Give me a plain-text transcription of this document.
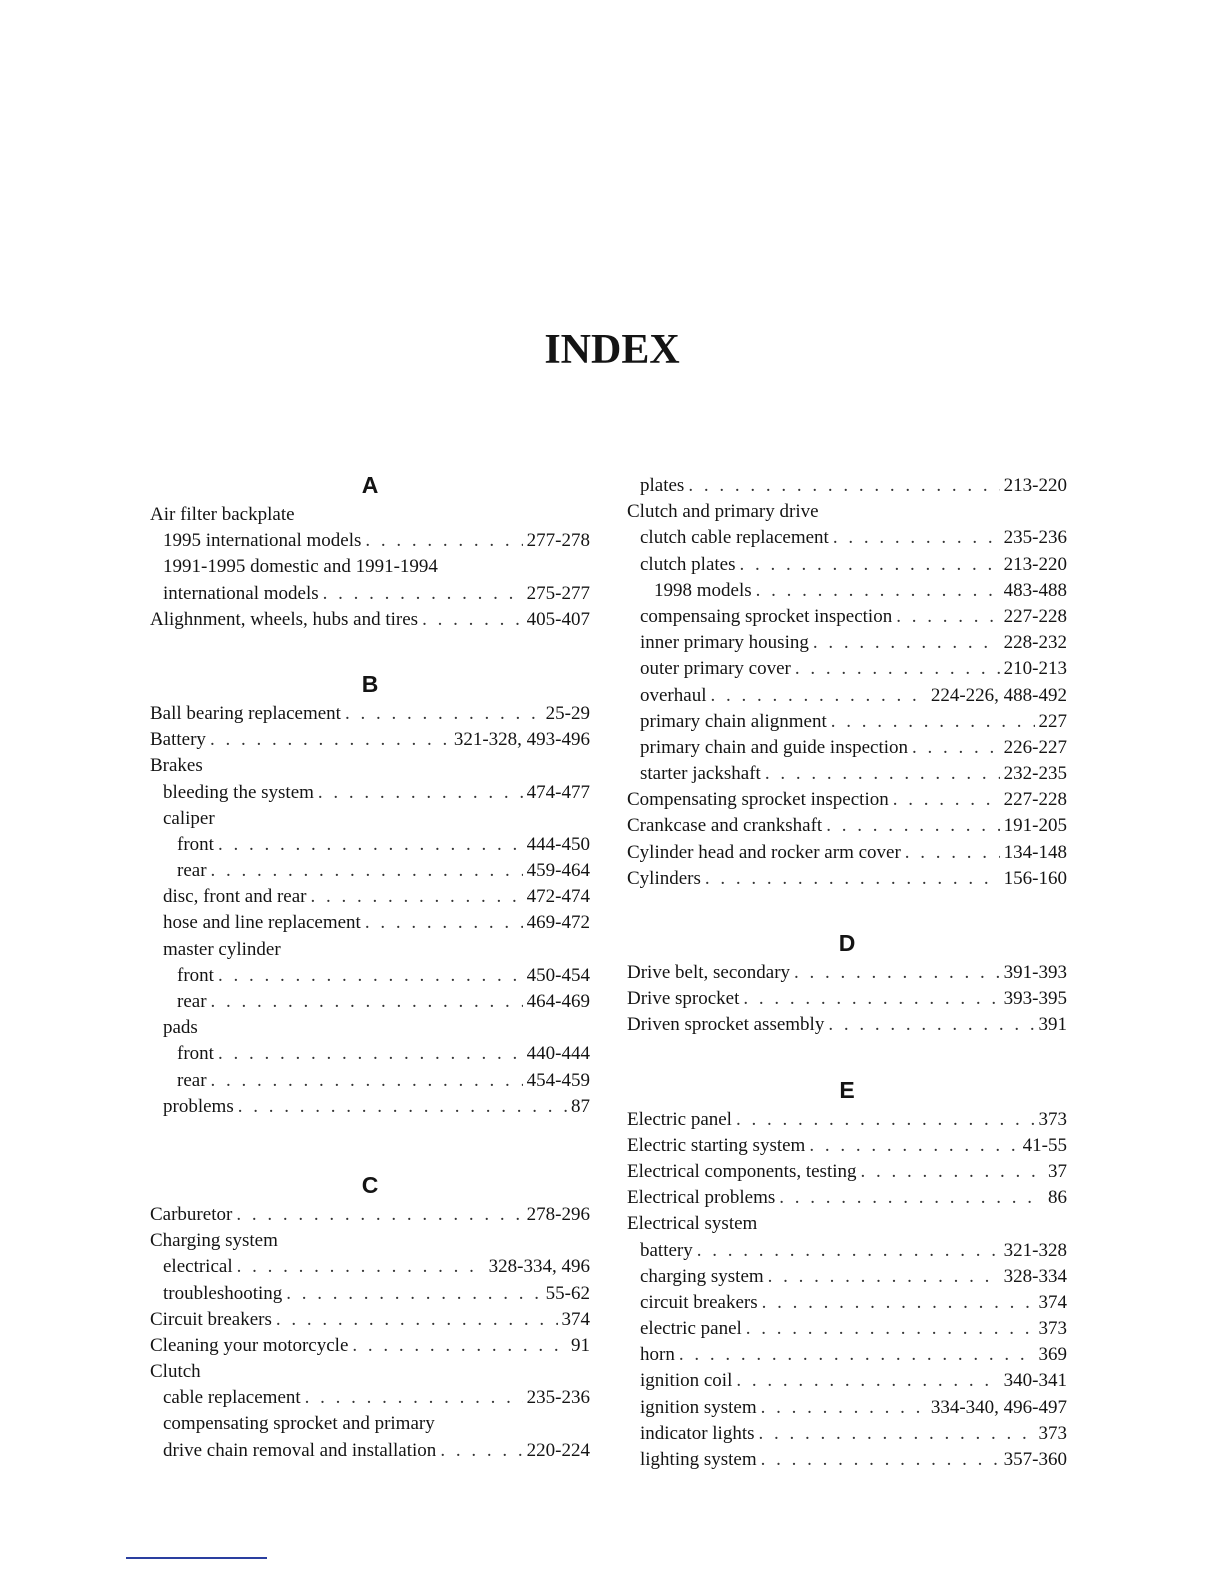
INDEX
A
Air filter backplate
1995 international models . . .	277-278
1991-1995 domestic and 1991-1994
international models . . .	275-277
Alighnment, wheels, hubs and tires . . .	405-407
B
Ball bearing replacement . . .	25-29
Battery . . .	321-328, 493-496
Brakes
bleeding the system . . .	474-477
caliper
front . . .	444-450
rear . . .	459-464
disc, front and rear . . .	472-474
hose and line replacement . . .	469-472
master cylinder
front . . .	450-454
rear . . .	464-469
pads
front . . .	440-444
rear . . .	454-459
problems . . .	87
C
Carburetor . . .	278-296
Charging system
electrical . . .	328-334, 496
troubleshooting . . .	55-62
Circuit breakers . . .	374
Cleaning your motorcycle . . .	91
Clutch
cable replacement . . .	235-236
compensating sprocket and primary
drive chain removal and installation . . .	220-224
plates . . .	213-220
Clutch and primary drive
clutch cable replacement . . .	235-236
clutch plates . . .	213-220
1998 models . . .	483-488
compensaing sprocket inspection . . .	227-228
inner primary housing . . .	228-232
outer primary cover . . .	210-213
overhaul . . .	224-226, 488-492
primary chain alignment . . .	227
primary chain and guide inspection . . .	226-227
starter jackshaft . . .	232-235
Compensating sprocket inspection . . .	227-228
Crankcase and crankshaft . . .	191-205
Cylinder head and rocker arm cover . . .	134-148
Cylinders . . .	156-160
D
Drive belt, secondary . . .	391-393
Drive sprocket . . .	393-395
Driven sprocket assembly . . .	391
E
Electric panel . . .	373
Electric starting system . . .	41-55
Electrical components, testing . . .	37
Electrical problems . . .	86
Electrical system
battery . . .	321-328
charging system . . .	328-334
circuit breakers . . .	374
electric panel . . .	373
horn . . .	369
ignition coil . . .	340-341
ignition system . . .	334-340, 496-497
indicator lights . . .	373
lighting system . . .	357-360
